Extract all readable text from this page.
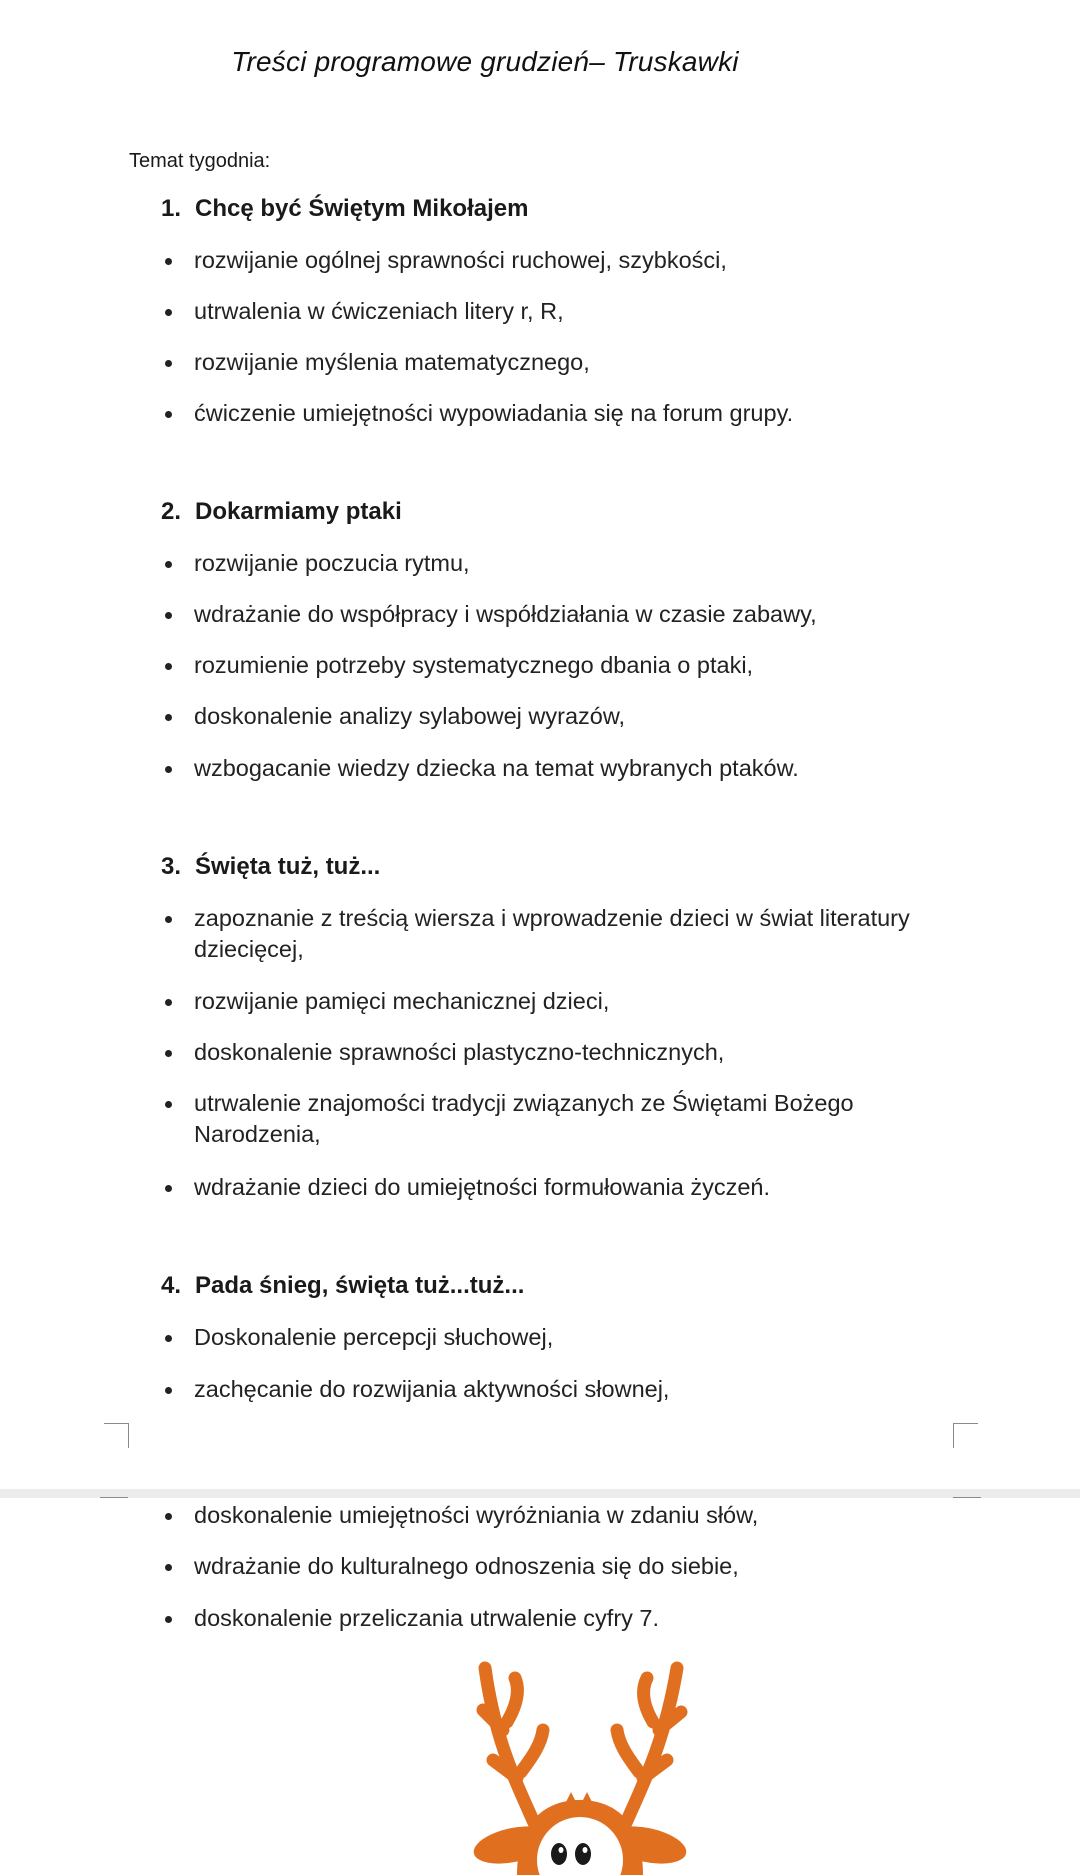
Treści programowe grudzień– Truskawki
Temat tygodnia:
1. Chcę być Świętym Mikołajem
rozwijanie ogólnej sprawności ruchowej, szybkości,
utrwalenia w ćwiczeniach litery r, R,
rozwijanie myślenia matematycznego,
ćwiczenie umiejętności wypowiadania się na forum grupy.
2. Dokarmiamy ptaki
rozwijanie poczucia rytmu,
wdrażanie do współpracy i współdziałania w czasie zabawy,
rozumienie potrzeby systematycznego dbania o ptaki,
doskonalenie analizy sylabowej wyrazów,
wzbogacanie wiedzy dziecka na temat wybranych ptaków.
3. Święta tuż, tuż...
zapoznanie z treścią wiersza i wprowadzenie dzieci w świat literatury dziecięcej,
rozwijanie pamięci mechanicznej dzieci,
doskonalenie sprawności plastyczno-technicznych,
utrwalenie znajomości tradycji związanych ze Świętami Bożego Narodzenia,
wdrażanie dzieci do umiejętności formułowania życzeń.
4. Pada śnieg, święta tuż...tuż...
Doskonalenie percepcji słuchowej,
zachęcanie do rozwijania aktywności słownej,
doskonalenie umiejętności wyróżniania w zdaniu słów,
wdrażanie do kulturalnego odnoszenia się do siebie,
doskonalenie przeliczania utrwalenie cyfry 7.
